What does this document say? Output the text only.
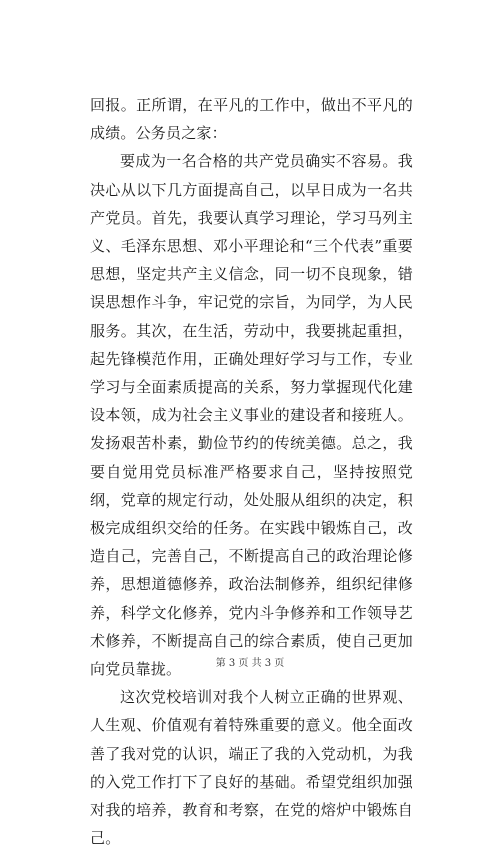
回报。正所谓，在平凡的工作中，做出不平凡的成绩。公务员之家：

要成为一名合格的共产党员确实不容易。我决心从以下几方面提高自己，以早日成为一名共产党员。首先，我要认真学习理论，学习马列主义、毛泽东思想、邓小平理论和“三个代表”重要思想，坚定共产主义信念，同一切不良现象，错误思想作斗争，牢记党的宗旨，为同学，为人民服务。其次，在生活，劳动中，我要挑起重担，起先锋模范作用，正确处理好学习与工作，专业学习与全面素质提高的关系，努力掌握现代化建设本领，成为社会主义事业的建设者和接班人。发扬艰苦朴素，勤俭节约的传统美德。总之，我要自觉用党员标准严格要求自己，坚持按照党纲，党章的规定行动，处处服从组织的决定，积极完成组织交给的任务。在实践中锻炼自己，改造自己，完善自己，不断提高自己的政治理论修养，思想道德修养，政治法制修养，组织纪律修养，科学文化修养，党内斗争修养和工作领导艺术修养，不断提高自己的综合素质，使自己更加向党员靠拢。

这次党校培训对我个人树立正确的世界观、人生观、价值观有着特殊重要的意义。他全面改善了我对党的认识，端正了我的入党动机，为我的入党工作打下了良好的基础。希望党组织加强对我的培养，教育和考察，在党的熔炉中锻炼自己。

第 3 页 共 3 页
